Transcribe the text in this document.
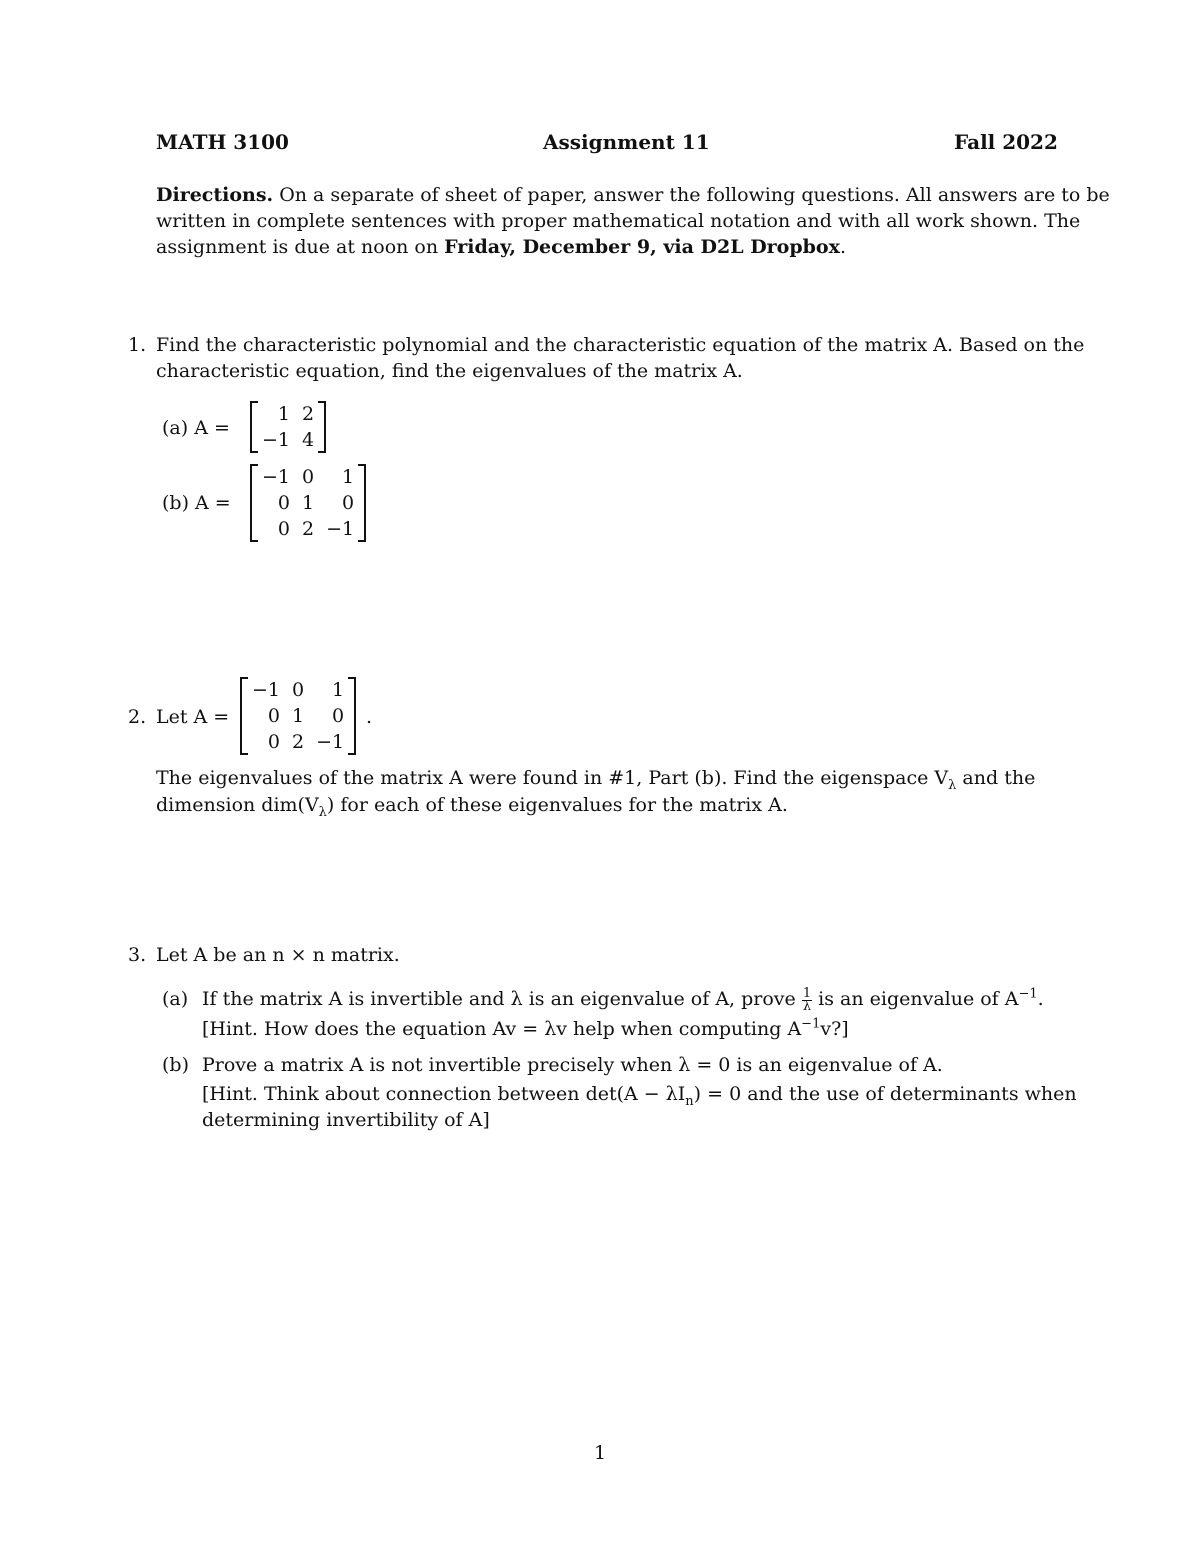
MATH 3100	Assignment 11	Fall 2022
Directions. On a separate of sheet of paper, answer the following questions. All answers are to be
written in complete sentences with proper mathematical notation and with all work shown. The
assignment is due at noon on Friday, December 9, via D2L Dropbox.
1. Find the characteristic polynomial and the characteristic equation of the matrix A. Based on the
characteristic equation, find the eigenvalues of the matrix A.
(a) A =
1 2
−1 4
(b) A =
−1 0	1
0 1	0
0 2 −1
2. Let A =
−1 0	1
0 1	0
0 2 −1
.
The eigenvalues of the matrix A were found in #1, Part (b). Find the eigenspace $V_\lambda$ and the
dimension $dim(V_\lambda)$ for each of these eigenvalues for the matrix A.
3. Let A be an n × n matrix.
(a) If the matrix A is invertible and λ is an eigenvalue of A, prove $\frac{1}{\lambda}$ is an eigenvalue of $A^{-1}$.
[Hint. How does the equation Av = λv help when computing $A^{-1}v$?]
(b) Prove a matrix A is not invertible precisely when λ = 0 is an eigenvalue of A.
[Hint. Think about connection between $\det(A - \lambda I_n) = 0$ and the use of determinants when
determining invertibility of A]
1
